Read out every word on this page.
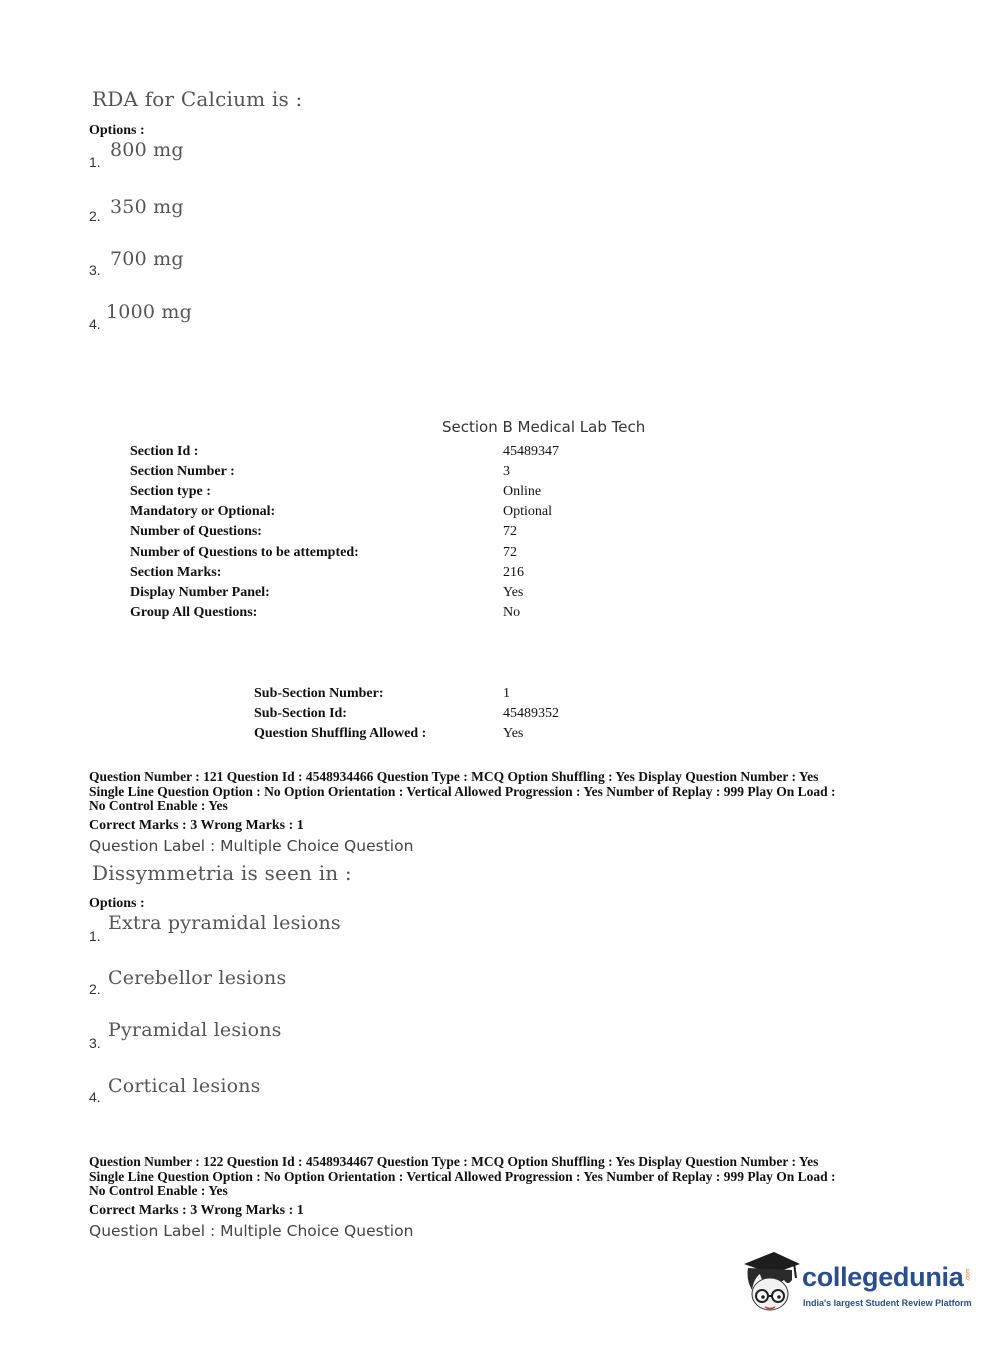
RDA for Calcium is :
Options :
1.
800 mg
2. 350 mg
3. 700 mg
4.
1000 mg
Section B Medical Lab Tech
Section Id :	45489347
Section Number :	3
Section type :	Online
Mandatory or Optional:	Optional
Number of Questions:	72
Number of Questions to be attempted:	72
Section Marks:	216
Display Number Panel:	Yes
Group All Questions:	No
Sub-Section Number:	1
Sub-Section Id:	45489352
Question Shuffling Allowed :	Yes
Question Number : 121 Question Id : 4548934466 Question Type : MCQ Option Shuffling : Yes Display Question Number : Yes
Single Line Question Option : No Option Orientation : Vertical Allowed Progression : Yes Number of Replay : 999 Play On Load :
No Control Enable : Yes
Correct Marks : 3 Wrong Marks : 1
Question Label : Multiple Choice Question
Dissymmetria is seen in :
Options :
1.
Extra pyramidal lesions
2. Cerebellor lesions
3.
Pyramidal lesions
4. Cortical lesions
Question Number : 122 Question Id : 4548934467 Question Type : MCQ Option Shuffling : Yes Display Question Number : Yes
Single Line Question Option : No Option Orientation : Vertical Allowed Progression : Yes Number of Replay : 999 Play On Load :
No Control Enable : Yes
Correct Marks : 3 Wrong Marks : 1
Question Label : Multiple Choice Question
collegedunia .com
India's largest Student Review Platform
